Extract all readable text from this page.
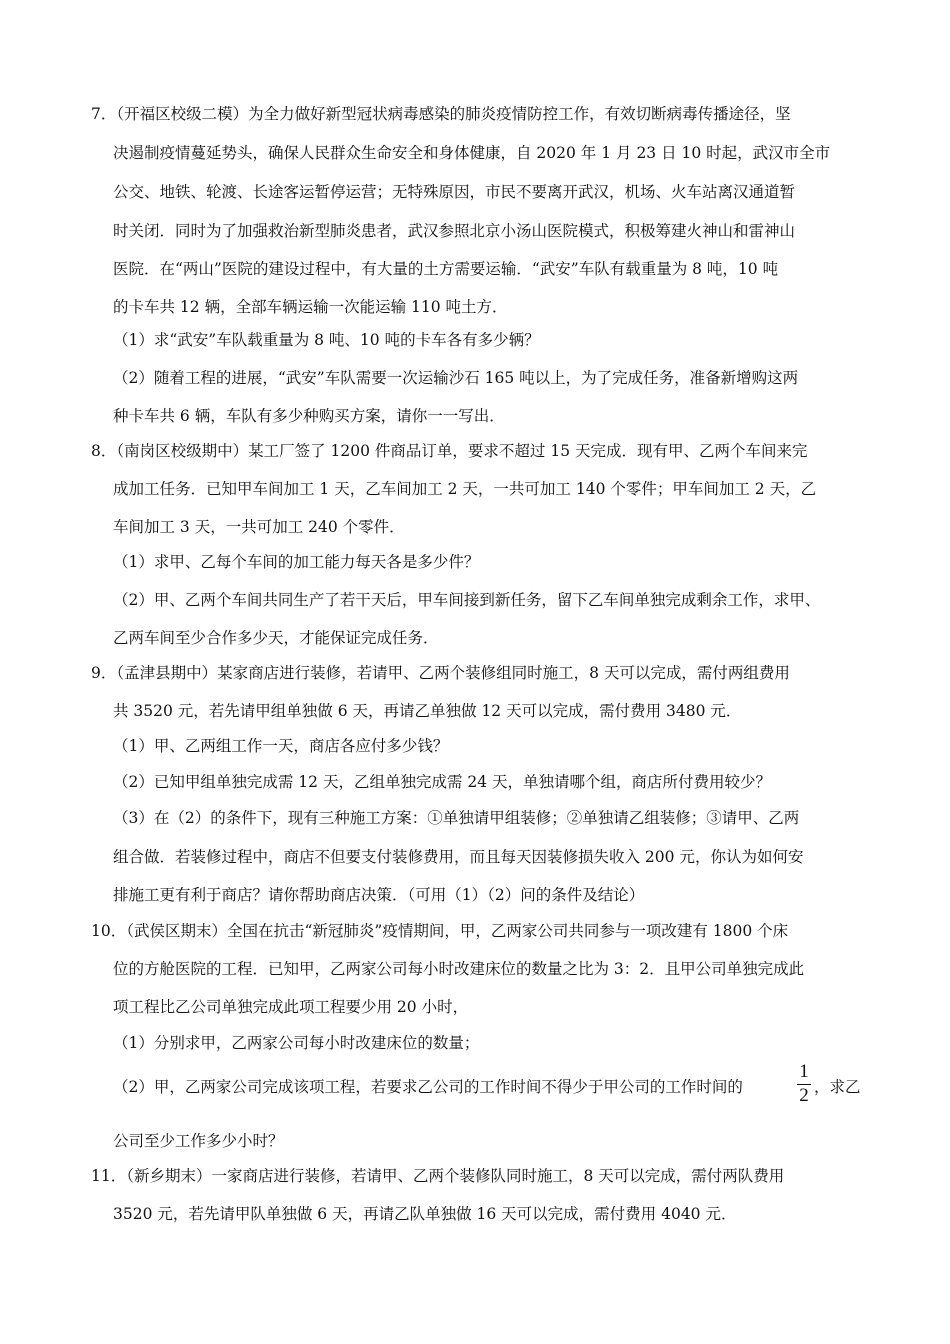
7．（开福区校级二模）为全力做好新型冠状病毒感染的肺炎疫情防控工作，有效切断病毒传播途径，坚
决遏制疫情蔓延势头，确保人民群众生命安全和身体健康，自 2020 年 1 月 23 日 10 时起，武汉市全市
公交、地铁、轮渡、长途客运暂停运营；无特殊原因，市民不要离开武汉，机场、火车站离汉通道暂
时关闭．同时为了加强救治新型肺炎患者，武汉参照北京小汤山医院模式，积极筹建火神山和雷神山
医院．在“两山”医院的建设过程中，有大量的土方需要运输．“武安”车队有载重量为 8 吨，10 吨
的卡车共 12 辆，全部车辆运输一次能运输 110 吨土方．
（1）求“武安”车队载重量为 8 吨、10 吨的卡车各有多少辆？
（2）随着工程的进展，“武安”车队需要一次运输沙石 165 吨以上，为了完成任务，准备新增购这两
种卡车共 6 辆，车队有多少种购买方案，请你一一写出．
8．（南岗区校级期中）某工厂签了 1200 件商品订单，要求不超过 15 天完成．现有甲、乙两个车间来完
成加工任务．已知甲车间加工 1 天，乙车间加工 2 天，一共可加工 140 个零件；甲车间加工 2 天，乙
车间加工 3 天，一共可加工 240 个零件．
（1）求甲、乙每个车间的加工能力每天各是多少件？
（2）甲、乙两个车间共同生产了若干天后，甲车间接到新任务，留下乙车间单独完成剩余工作，求甲、
乙两车间至少合作多少天，才能保证完成任务．
9．（孟津县期中）某家商店进行装修，若请甲、乙两个装修组同时施工，8 天可以完成，需付两组费用
共 3520 元，若先请甲组单独做 6 天，再请乙单独做 12 天可以完成，需付费用 3480 元．
（1）甲、乙两组工作一天，商店各应付多少钱？
（2）已知甲组单独完成需 12 天，乙组单独完成需 24 天，单独请哪个组，商店所付费用较少？
（3）在（2）的条件下，现有三种施工方案：①单独请甲组装修；②单独请乙组装修；③请甲、乙两
组合做．若装修过程中，商店不但要支付装修费用，而且每天因装修损失收入 200 元，你认为如何安
排施工更有利于商店？请你帮助商店决策．（可用（1）（2）问的条件及结论）
10．（武侯区期末）全国在抗击“新冠肺炎”疫情期间，甲，乙两家公司共同参与一项改建有 1800 个床
位的方舱医院的工程．已知甲，乙两家公司每小时改建床位的数量之比为 3：2．且甲公司单独完成此
项工程比乙公司单独完成此项工程要少用 20 小时，
（1）分别求甲，乙两家公司每小时改建床位的数量；
（2）甲，乙两家公司完成该项工程，若要求乙公司的工作时间不得少于甲公司的工作时间的
1
2 ，求乙
公司至少工作多少小时？
11．（新乡期末）一家商店进行装修，若请甲、乙两个装修队同时施工，8 天可以完成，需付两队费用
3520 元，若先请甲队单独做 6 天，再请乙队单独做 16 天可以完成，需付费用 4040 元．
